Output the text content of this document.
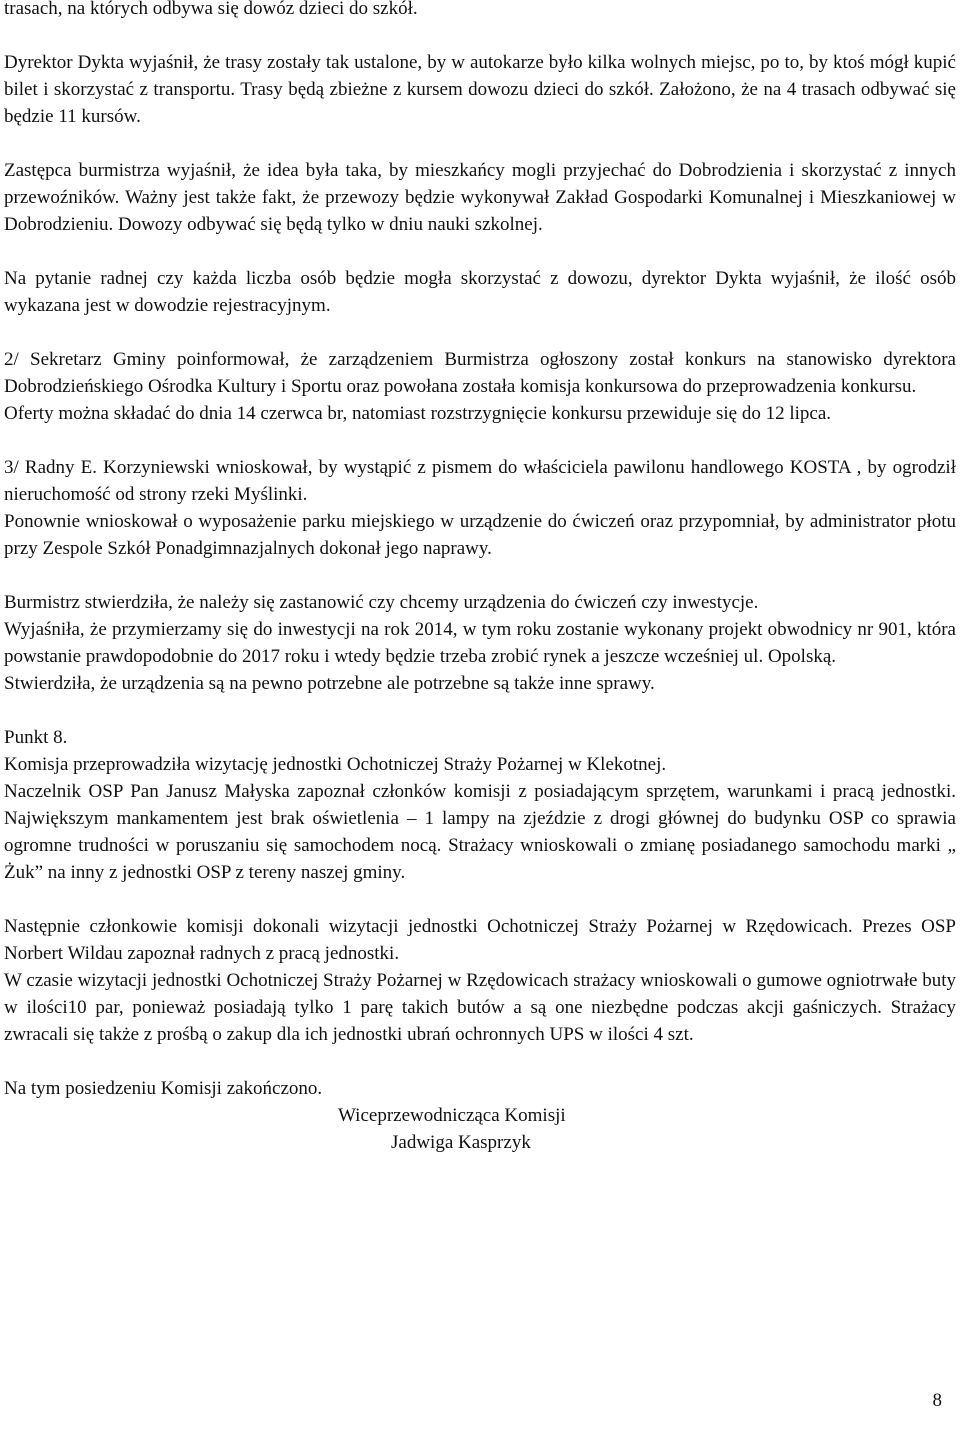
trasach, na których odbywa się dowóz dzieci do szkół.

Dyrektor Dykta wyjaśnił, że trasy zostały tak ustalone, by w autokarze było kilka wolnych miejsc, po to, by ktoś mógł kupić bilet i skorzystać z transportu. Trasy będą zbieżne z kursem dowozu dzieci do szkół. Założono, że na 4 trasach odbywać się będzie 11 kursów.

Zastępca burmistrza wyjaśnił, że idea była taka, by mieszkańcy mogli przyjechać do Dobrodzienia i skorzystać z innych przewoźników. Ważny jest także fakt, że przewozy będzie wykonywał Zakład Gospodarki Komunalnej i Mieszkaniowej w Dobrodzieniu. Dowozy odbywać się będą tylko w dniu nauki szkolnej.

Na pytanie radnej czy każda liczba osób będzie mogła skorzystać z dowozu, dyrektor Dykta wyjaśnił, że ilość osób wykazana jest w dowodzie rejestracyjnym.

2/ Sekretarz Gminy poinformował, że zarządzeniem Burmistrza ogłoszony został konkurs na stanowisko dyrektora Dobrodzieńskiego Ośrodka Kultury i Sportu oraz powołana została komisja konkursowa do przeprowadzenia konkursu.

Oferty można składać do dnia 14 czerwca br, natomiast rozstrzygnięcie konkursu przewiduje się do 12 lipca.

3/ Radny E. Korzyniewski wnioskował, by wystąpić z pismem do właściciela pawilonu handlowego KOSTA , by ogrodził nieruchomość od strony rzeki Myślinki.

Ponownie wnioskował o wyposażenie parku miejskiego w urządzenie do ćwiczeń oraz przypomniał, by administrator płotu przy Zespole Szkół Ponadgimnazjalnych dokonał jego naprawy.

Burmistrz stwierdziła, że należy się zastanowić czy chcemy urządzenia do ćwiczeń czy inwestycje.

Wyjaśniła, że przymierzamy się do inwestycji na rok 2014, w tym roku zostanie wykonany projekt obwodnicy nr 901, która powstanie prawdopodobnie do 2017 roku i wtedy będzie trzeba zrobić rynek a jeszcze wcześniej ul. Opolską.

Stwierdziła, że urządzenia są na pewno potrzebne ale potrzebne są także inne sprawy.

Punkt 8.

Komisja przeprowadziła wizytację jednostki Ochotniczej Straży Pożarnej w Klekotnej.

Naczelnik OSP Pan Janusz Małyska zapoznał członków komisji z posiadającym sprzętem, warunkami i pracą jednostki. Największym mankamentem jest brak oświetlenia – 1 lampy na zjeździe z drogi głównej do budynku OSP co sprawia ogromne trudności w poruszaniu się samochodem nocą. Strażacy wnioskowali o zmianę posiadanego samochodu marki „ Żuk” na inny z jednostki OSP z tereny naszej gminy.

Następnie członkowie komisji dokonali wizytacji jednostki Ochotniczej Straży Pożarnej w Rzędowicach. Prezes OSP Norbert Wildau zapoznał radnych z pracą jednostki.

W czasie wizytacji jednostki Ochotniczej Straży Pożarnej w Rzędowicach strażacy wnioskowali o gumowe ogniotrwałe buty w ilości10 par, ponieważ posiadają tylko 1 parę takich butów a są one niezbędne podczas akcji gaśniczych. Strażacy zwracali się także z prośbą o zakup dla ich jednostki ubrań ochronnych UPS w ilości 4 szt.

Na tym posiedzeniu Komisji zakończono.

Wiceprzewodnicząca Komisji
Jadwiga Kasprzyk
8
